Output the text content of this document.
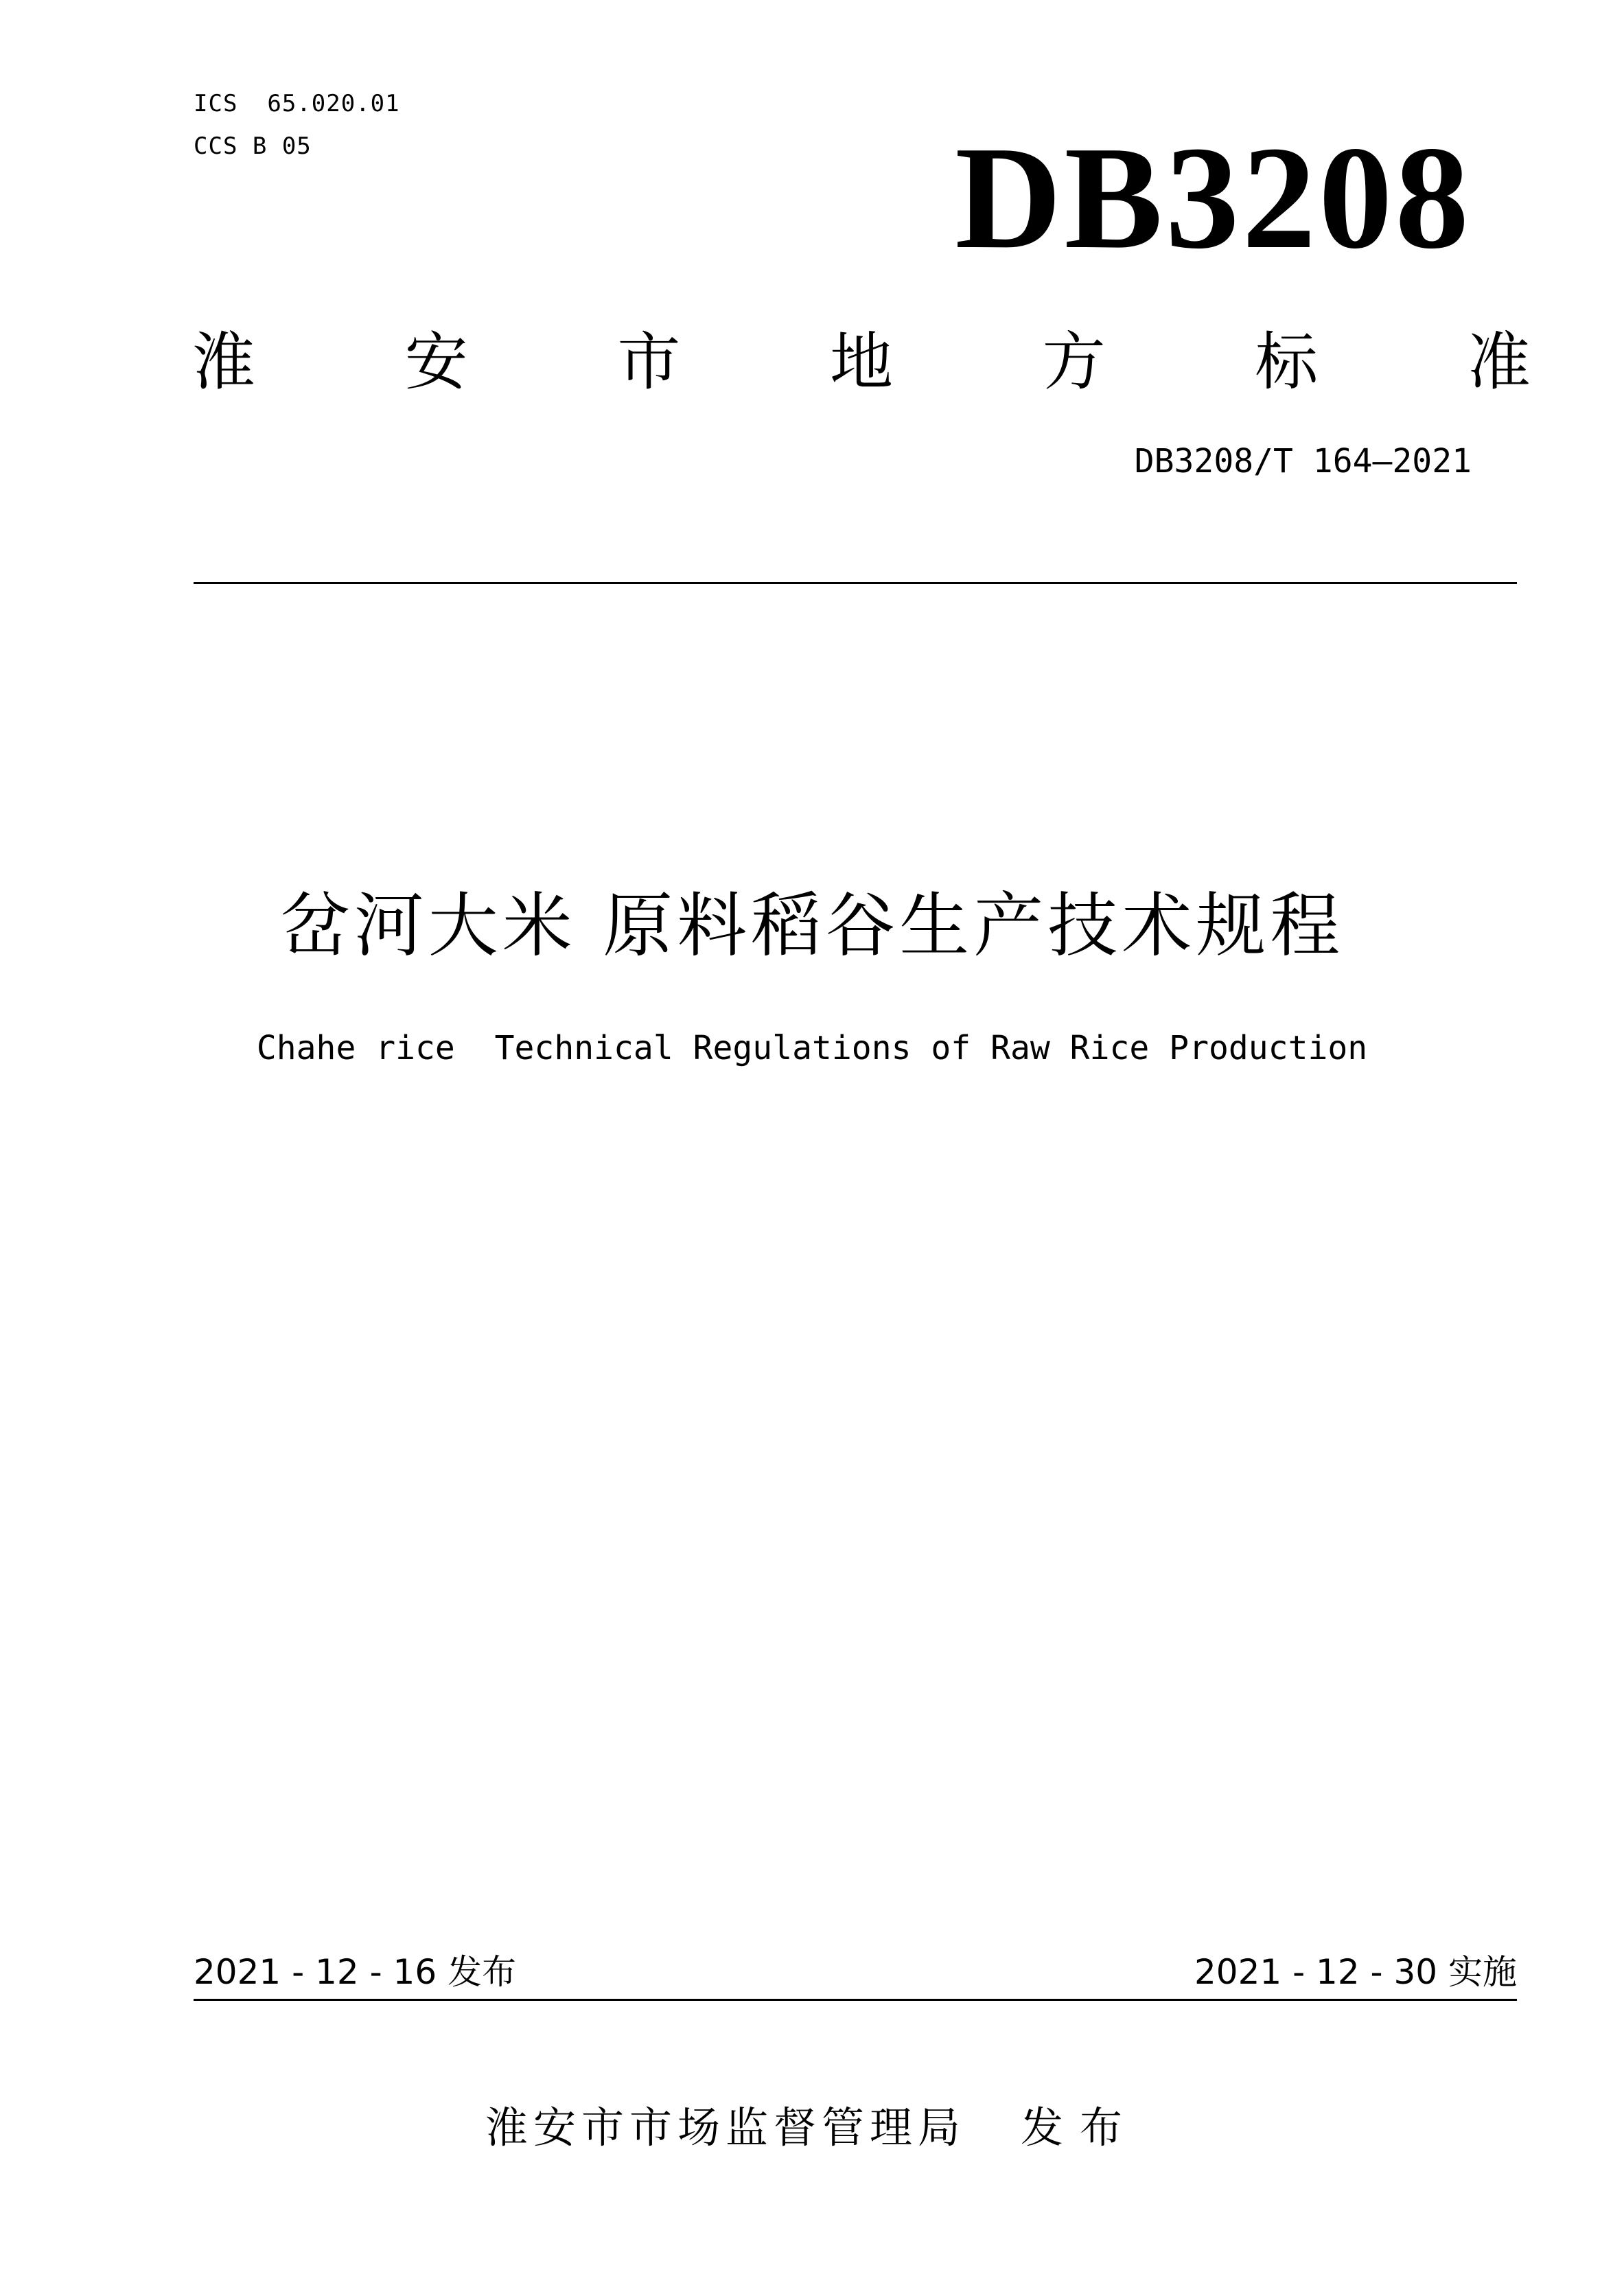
ICS  65.020.01
CCS B 05	DB3208
淮 安 市 地 方 标 准
DB3208/T 164—2021
岔河大米 原料稻谷生产技术规程
Chahe rice  Technical Regulations of Raw Rice Production
2021 - 12 - 16 发布	2021 - 12 - 30 实施
淮安市市场监督管理局 发布
